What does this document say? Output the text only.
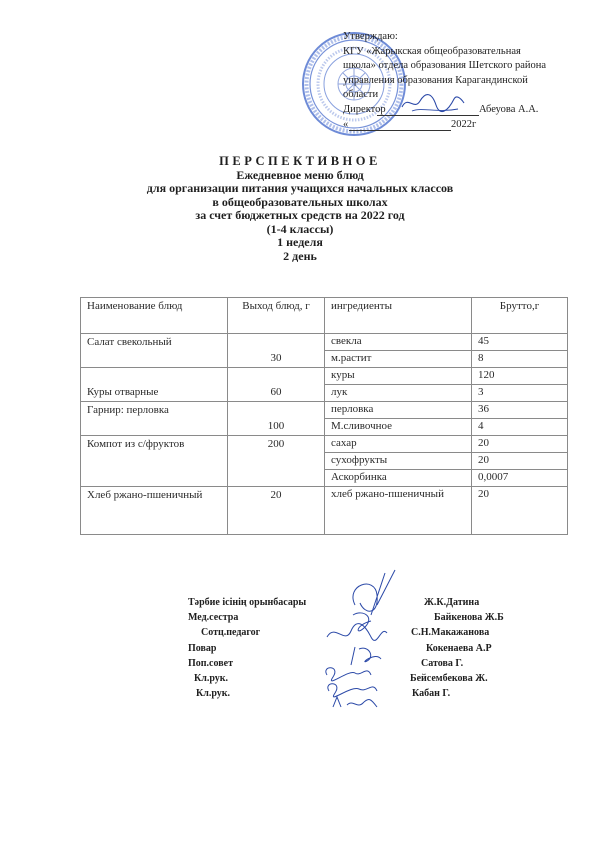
Утверждаю:
КГУ «Жарыкская общеобразовательная
школа» отдела образования Шетского района
управления образования Карагандинской
области
Директор	Абеуова А.А.
«	2022г
ПЕРСПЕКТИВНОЕ
Ежедневное меню блюд
для организации питания учащихся начальных классов
в общеобразовательных школах
за счет бюджетных средств на 2022 год
(1-4 классы)
1 неделя
2 день
Наименование блюд	Выход блюд, г	ингредиенты	Брутто,г
Салат свекольный	30	свекла	45
		м.растит	8
Куры отварные	60	куры	120
		лук	3
Гарнир: перловка	100	перловка	36
		М.сливочное	4
Компот из с/фруктов	200	сахар	20
		сухофрукты	20
		Аскорбинка	0,0007
Хлеб ржано-пшеничный	20	хлеб ржано-пшеничный	20
Тәрбие ісінің орынбасары	Ж.К.Датина
Мед.сестра	Байкенова Ж.Б
Сотц.педагог	С.Н.Макажанова
Повар	Кокенаева А.Р
Поп.совет	Сатова Г.
Кл.рук.	Бейсембекова Ж.
Кл.рук.	Кабан Г.
